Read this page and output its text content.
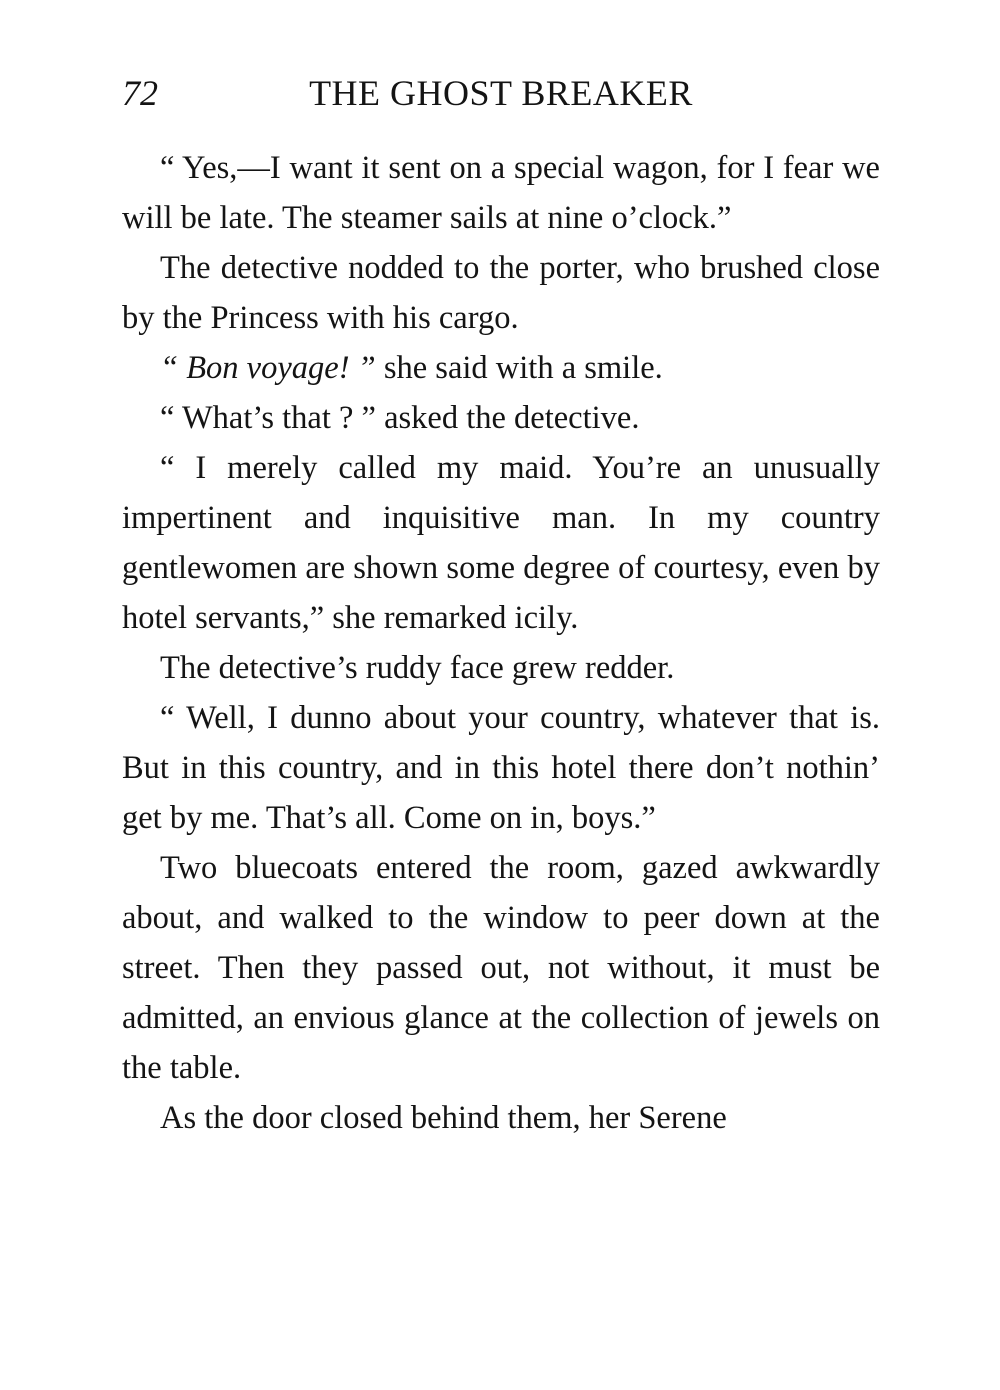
72	THE GHOST BREAKER

“ Yes,—I want it sent on a special wagon, for I fear we will be late. The steamer sails at nine o’clock.”

The detective nodded to the porter, who brushed close by the Princess with his cargo.

“ Bon voyage! ” she said with a smile.

“ What’s that ? ” asked the detective.

“ I merely called my maid. You’re an unusually impertinent and inquisitive man. In my country gentlewomen are shown some degree of courtesy, even by hotel servants,” she remarked icily.

The detective’s ruddy face grew redder.

“ Well, I dunno about your country, whatever that is. But in this country, and in this hotel there don’t nothin’ get by me. That’s all. Come on in, boys.”

Two bluecoats entered the room, gazed awkwardly about, and walked to the window to peer down at the street. Then they passed out, not without, it must be admitted, an envious glance at the collection of jewels on the table.

As the door closed behind them, her Serene
